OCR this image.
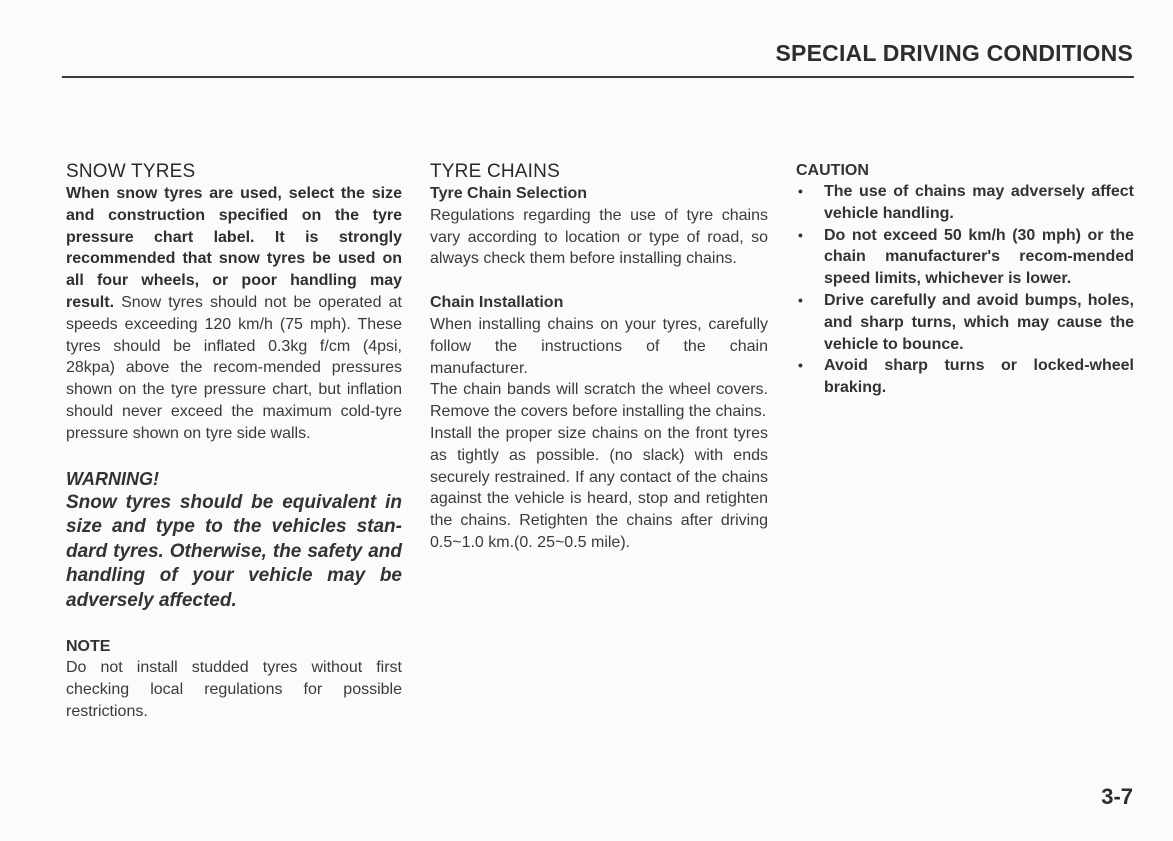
SPECIAL DRIVING CONDITIONS
SNOW TYRES

When snow tyres are used, select the size and construction specified on the tyre pressure chart label. It is strongly recommended that snow tyres be used on all four wheels, or poor handling may result. Snow tyres should not be operated at speeds exceeding 120 km/h (75 mph). These tyres should be inflated 0.3kg f/cm (4psi, 28kpa) above the recom-mended pressures shown on the tyre pressure chart, but inflation should never exceed the maximum cold-tyre pressure shown on tyre side walls.

WARNING!

Snow tyres should be equivalent in size and type to the vehicles stan-dard tyres. Otherwise, the safety and handling of your vehicle may be adversely affected.

NOTE

Do not install studded tyres without first checking local regulations for possible restrictions.

TYRE CHAINS

Tyre Chain Selection

Regulations regarding the use of tyre chains vary according to location or type of road, so always check them before installing chains.

Chain Installation

When installing chains on your tyres, carefully follow the instructions of the chain manufacturer.

The chain bands will scratch the wheel covers. Remove the covers before installing the chains.

Install the proper size chains on the front tyres as tightly as possible. (no slack) with ends securely restrained. If any contact of the chains against the vehicle is heard, stop and retighten the chains. Retighten the chains after driving 0.5~1.0 km.(0. 25~0.5 mile).

CAUTION

• The use of chains may adversely affect vehicle handling.
• Do not exceed 50 km/h (30 mph) or the chain manufacturer's recom-mended speed limits, whichever is lower.
• Drive carefully and avoid bumps, holes, and sharp turns, which may cause the vehicle to bounce.
• Avoid sharp turns or locked-wheel braking.
3-7
